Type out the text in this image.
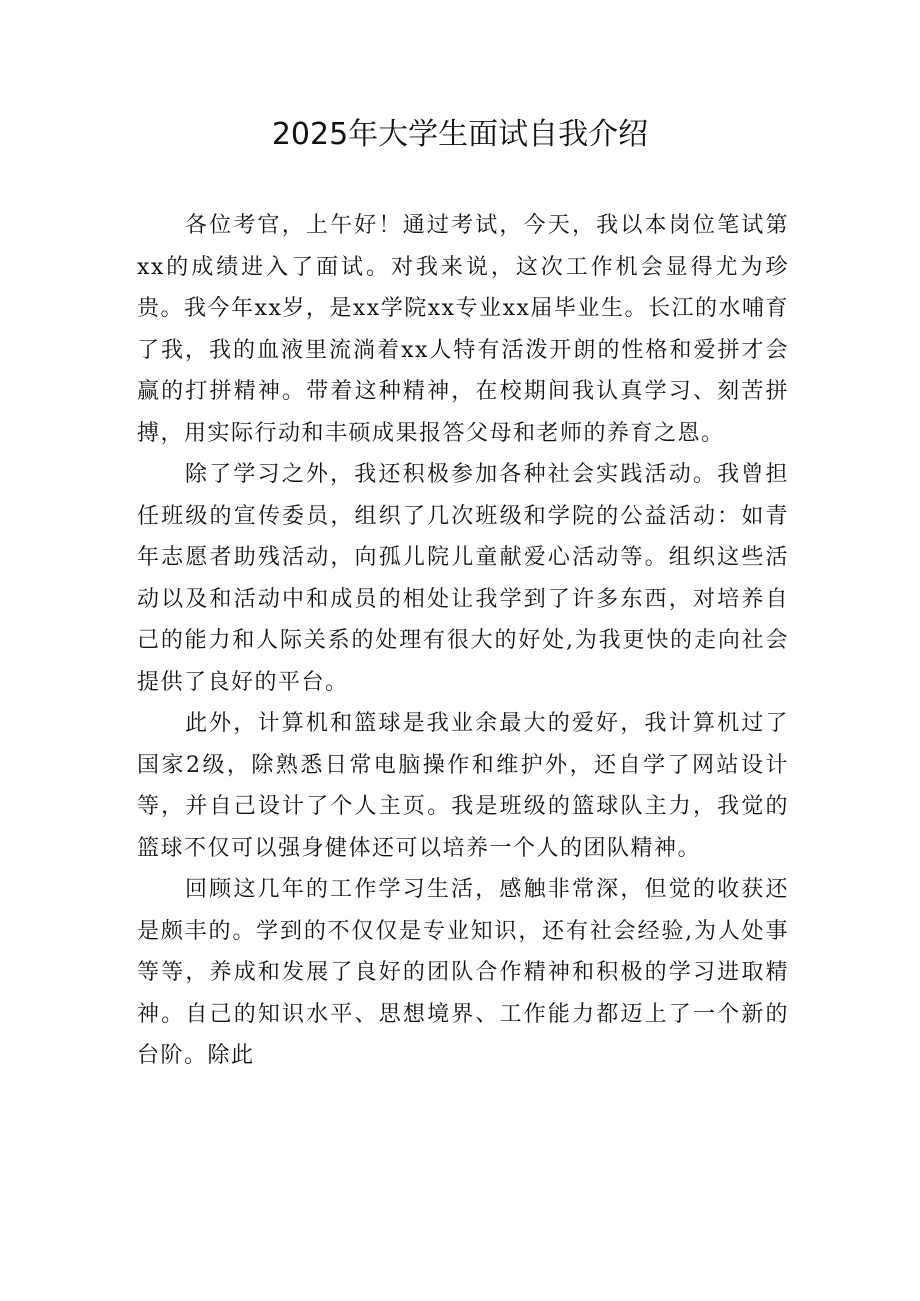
2025年大学生面试自我介绍

各位考官，上午好！通过考试，今天，我以本岗位笔试第xx的成绩进入了面试。对我来说，这次工作机会显得尤为珍贵。我今年xx岁，是xx学院xx专业xx届毕业生。长江的水哺育了我，我的血液里流淌着xx人特有活泼开朗的性格和爱拼才会赢的打拼精神。带着这种精神，在校期间我认真学习、刻苦拼搏，用实际行动和丰硕成果报答父母和老师的养育之恩。

除了学习之外，我还积极参加各种社会实践活动。我曾担任班级的宣传委员，组织了几次班级和学院的公益活动：如青年志愿者助残活动，向孤儿院儿童献爱心活动等。组织这些活动以及和活动中和成员的相处让我学到了许多东西，对培养自己的能力和人际关系的处理有很大的好处,为我更快的走向社会提供了良好的平台。

此外，计算机和篮球是我业余最大的爱好，我计算机过了国家2级，除熟悉日常电脑操作和维护外，还自学了网站设计等，并自己设计了个人主页。我是班级的篮球队主力，我觉的篮球不仅可以强身健体还可以培养一个人的团队精神。

回顾这几年的工作学习生活，感触非常深，但觉的收获还是颇丰的。学到的不仅仅是专业知识，还有社会经验,为人处事等等，养成和发展了良好的团队合作精神和积极的学习进取精神。自己的知识水平、思想境界、工作能力都迈上了一个新的台阶。除此
